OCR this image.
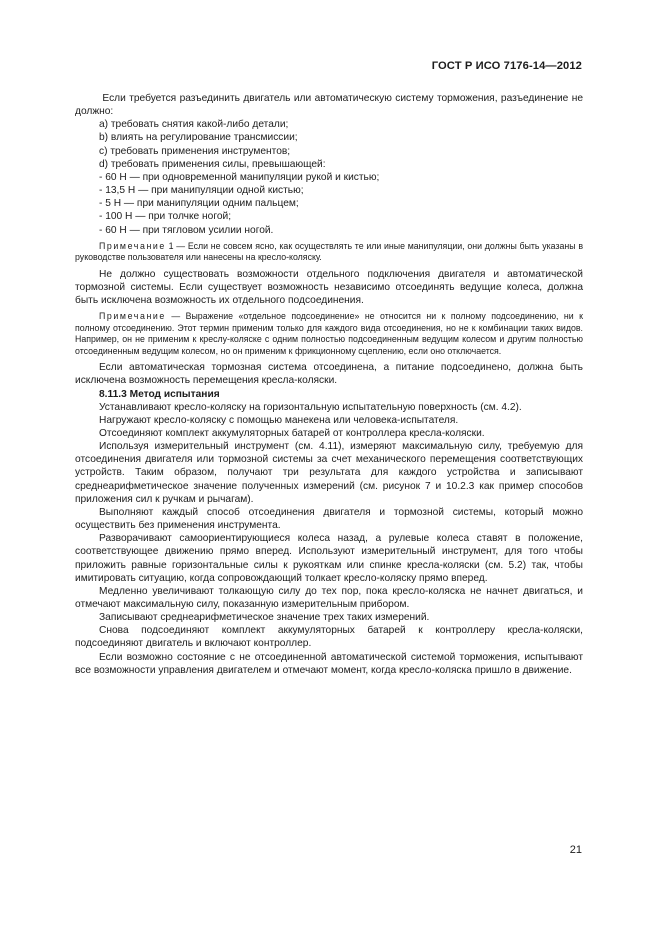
ГОСТ Р ИСО 7176-14—2012

Если требуется разъединить двигатель или автоматическую систему торможения, разъединение не должно:

a) требовать снятия какой-либо детали;

b) влиять на регулирование трансмиссии;

c) требовать применения инструментов;

d) требовать применения силы, превышающей:

- 60 Н — при одновременной манипуляции рукой и кистью;

- 13,5 Н — при манипуляции одной кистью;

- 5 Н — при манипуляции одним пальцем;

- 100 Н — при толчке ногой;

- 60 Н — при тягловом усилии ногой.

Примечание 1 — Если не совсем ясно, как осуществлять те или иные манипуляции, они должны быть указаны в руководстве пользователя или нанесены на кресло-коляску.

Не должно существовать возможности отдельного подключения двигателя и автоматической тормозной системы. Если существует возможность независимо отсоединять ведущие колеса, должна быть исключена возможность их отдельного подсоединения.

Примечание — Выражение «отдельное подсоединение» не относится ни к полному подсоединению, ни к полному отсоединению. Этот термин применим только для каждого вида отсоединения, но не к комбинации таких видов. Например, он не применим к креслу-коляске с одним полностью подсоединенным ведущим колесом и другим полностью отсоединенным ведущим колесом, но он применим к фрикционному сцеплению, если оно отключается.

Если автоматическая тормозная система отсоединена, а питание подсоединено, должна быть исключена возможность перемещения кресла-коляски.

8.11.3 Метод испытания

Устанавливают кресло-коляску на горизонтальную испытательную поверхность (см. 4.2).

Нагружают кресло-коляску с помощью манекена или человека-испытателя.

Отсоединяют комплект аккумуляторных батарей от контроллера кресла-коляски.

Используя измерительный инструмент (см. 4.11), измеряют максимальную силу, требуемую для отсоединения двигателя или тормозной системы за счет механического перемещения соответствующих устройств. Таким образом, получают три результата для каждого устройства и записывают среднеарифметическое значение полученных измерений (см. рисунок 7 и 10.2.3 как пример способов приложения сил к ручкам и рычагам).

Выполняют каждый способ отсоединения двигателя и тормозной системы, который можно осуществить без применения инструмента.

Разворачивают самоориентирующиеся колеса назад, а рулевые колеса ставят в положение, соответствующее движению прямо вперед. Используют измерительный инструмент, для того чтобы приложить равные горизонтальные силы к рукояткам или спинке кресла-коляски (см. 5.2) так, чтобы имитировать ситуацию, когда сопровождающий толкает кресло-коляску прямо вперед.

Медленно увеличивают толкающую силу до тех пор, пока кресло-коляска не начнет двигаться, и отмечают максимальную силу, показанную измерительным прибором.

Записывают среднеарифметическое значение трех таких измерений.

Снова подсоединяют комплект аккумуляторных батарей к контроллеру кресла-коляски, подсоединяют двигатель и включают контроллер.

Если возможно состояние с не отсоединенной автоматической системой торможения, испытывают все возможности управления двигателем и отмечают момент, когда кресло-коляска пришло в движение.

21
